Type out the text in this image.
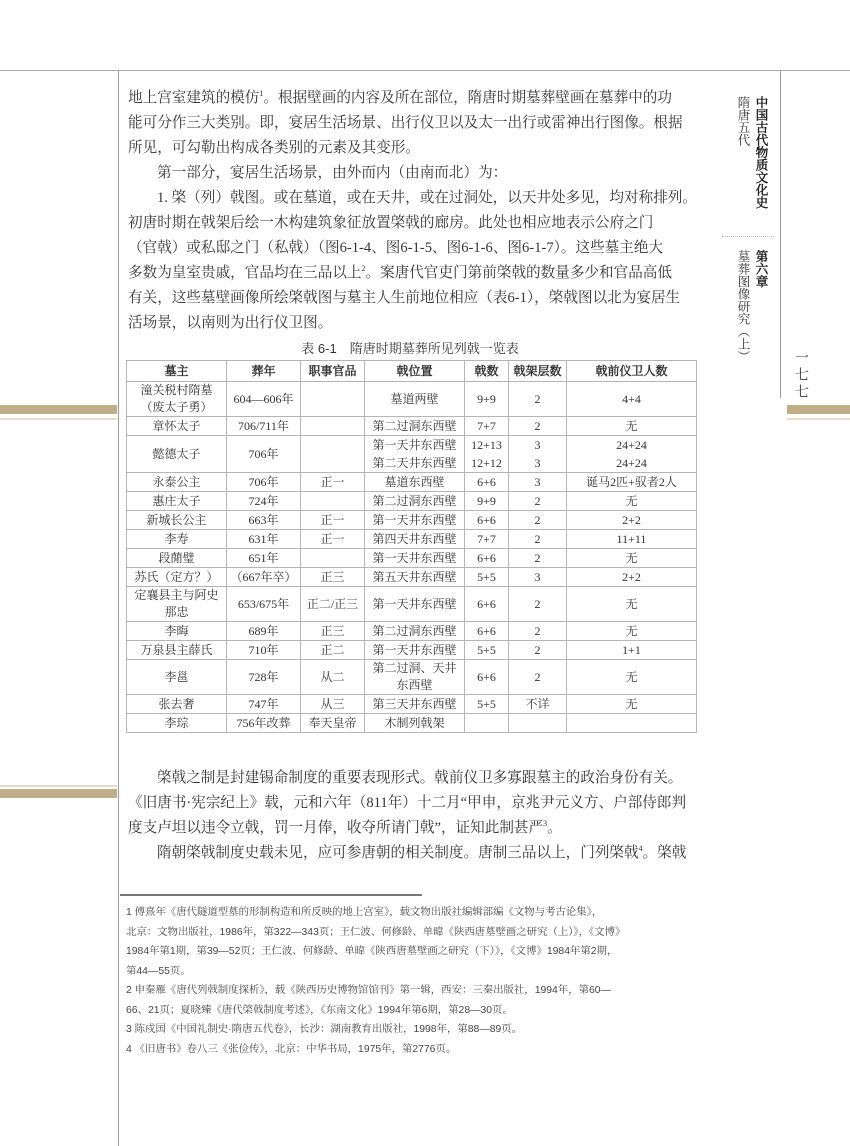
中国古代物质文化史
隋唐五代
第六章
墓葬图像研究（上）
一七七
地上宫室建筑的模仿$^1$。根据壁画的内容及所在部位，隋唐时期墓葬壁画在墓葬中的功
能可分作三大类别。即，宴居生活场景、出行仪卫以及太一出行或雷神出行图像。根据
所见，可勾勒出构成各类别的元素及其变形。
第一部分，宴居生活场景，由外而内（由南而北）为：
1. 棨（列）戟图。或在墓道，或在天井，或在过洞处，以天井处多见，均对称排列。
初唐时期在戟架后绘一木构建筑象征放置棨戟的廊房。此处也相应地表示公府之门
（官戟）或私邸之门（私戟）（图6-1-4、图6-1-5、图6-1-6、图6-1-7）。这些墓主绝大
多数为皇室贵戚，官品均在三品以上$^2$。案唐代官吏门第前棨戟的数量多少和官品高低
有关，这些墓壁画像所绘棨戟图与墓主人生前地位相应（表6-1），棨戟图以北为宴居生
活场景，以南则为出行仪卫图。
表 6-1　隋唐时期墓葬所见列戟一览表
墓主	葬年	职事官品	戟位置	戟数	戟架层数	戟前仪卫人数
潼关税村隋墓（废太子勇）	604—606年		墓道两壁	9+9	2	4+4
章怀太子	706/711年		第二过洞东西壁	7+7	2	无
懿德太子	706年		第一天井东西壁	12+13	3	24+24
			第二天井东西壁	12+12	3	24+24
永泰公主	706年	正一	墓道东西壁	6+6	3	诞马2匹+驭者2人
惠庄太子	724年		第二过洞东西壁	9+9	2	无
新城长公主	663年	正一	第一天井东西壁	6+6	2	2+2
李寿	631年	正一	第四天井东西壁	7+7	2	11+11
段蕑璧	651年		第一天井东西壁	6+6	2	无
苏氏（定方？）	（667年卒）	正三	第五天井东西壁	5+5	3	2+2
定襄县主与阿史那忠	653/675年	正二/正三	第一天井东西壁	6+6	2	无
李晦	689年	正三	第二过洞东西壁	6+6	2	无
万泉县主薛氏	710年	正二	第一天井东西壁	5+5	2	1+1
李邕	728年	从二	第二过洞、天井东西壁	6+6	2	无
张去奢	747年	从三	第三天井东西壁	5+5	不详	无
李琮	756年改葬	奉天皇帝	木制列戟架			
棨戟之制是封建锡命制度的重要表现形式。戟前仪卫多寡跟墓主的政治身份有关。
《旧唐书·宪宗纪上》载，元和六年（811年）十二月“甲申，京兆尹元义方、户部侍郎判
度支卢坦以违令立戟，罚一月俸，收夺所请门戟”，证知此制甚严$^3$。
隋朝棨戟制度史载未见，应可参唐朝的相关制度。唐制三品以上，门列棨戟$^4$。棨戟
1 傅熹年《唐代隧道型墓的形制构造和所反映的地上宫室》，载文物出版社编辑部编《文物与考古论集》，
北京：文物出版社，1986年，第322—343页；王仁波、何修龄、单暐《陕西唐墓壁画之研究（上）》，《文博》
1984年第1期，第39—52页；王仁波、何修龄、单暐《陕西唐墓壁画之研究（下）》，《文博》1984年第2期，
第44—55页。
2 申秦雁《唐代列戟制度探析》，载《陕西历史博物馆馆刊》第一辑，西安：三秦出版社，1994年，第60—
66、21页；夏晓臻《唐代棨戟制度考述》，《东南文化》1994年第6期，第28—30页。
3 陈戍国《中国礼制史·隋唐五代卷》，长沙：湖南教育出版社，1998年，第88—89页。
4 《旧唐书》卷八三《张俭传》，北京：中华书局，1975年，第2776页。
